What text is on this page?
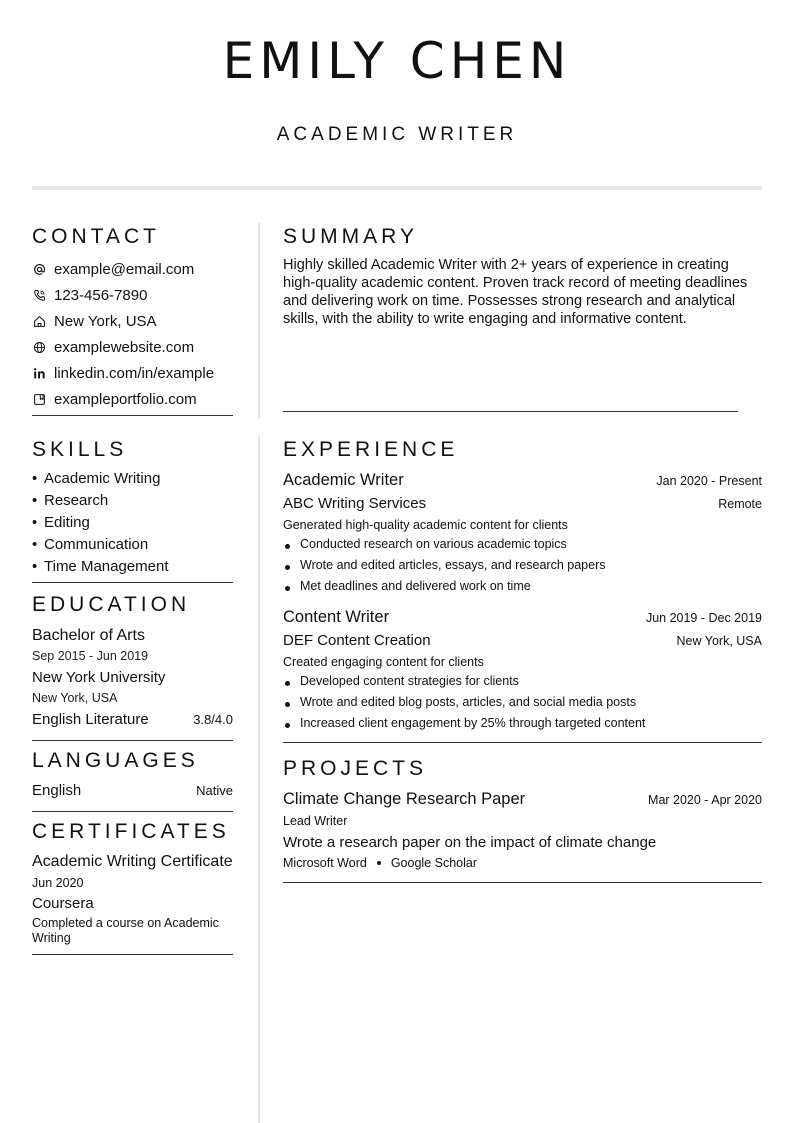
EMILY CHEN
ACADEMIC WRITER
CONTACT
example@email.com
123-456-7890
New York, USA
examplewebsite.com
linkedin.com/in/example
exampleportfolio.com
SKILLS
• Academic Writing
• Research
• Editing
• Communication
• Time Management
EDUCATION
Bachelor of Arts
Sep 2015 - Jun 2019
New York University
New York, USA
English Literature	3.8/4.0
LANGUAGES
English	Native
CERTIFICATES
Academic Writing Certificate
Jun 2020
Coursera
Completed a course on Academic Writing
SUMMARY
Highly skilled Academic Writer with 2+ years of experience in creating high-quality academic content. Proven track record of meeting deadlines and delivering work on time. Possesses strong research and analytical skills, with the ability to write engaging and informative content.
EXPERIENCE
Academic Writer	Jan 2020 - Present
ABC Writing Services	Remote
Generated high-quality academic content for clients
Conducted research on various academic topics
Wrote and edited articles, essays, and research papers
Met deadlines and delivered work on time
Content Writer	Jun 2019 - Dec 2019
DEF Content Creation	New York, USA
Created engaging content for clients
Developed content strategies for clients
Wrote and edited blog posts, articles, and social media posts
Increased client engagement by 25% through targeted content
PROJECTS
Climate Change Research Paper	Mar 2020 - Apr 2020
Lead Writer
Wrote a research paper on the impact of climate change
Microsoft Word Google Scholar
